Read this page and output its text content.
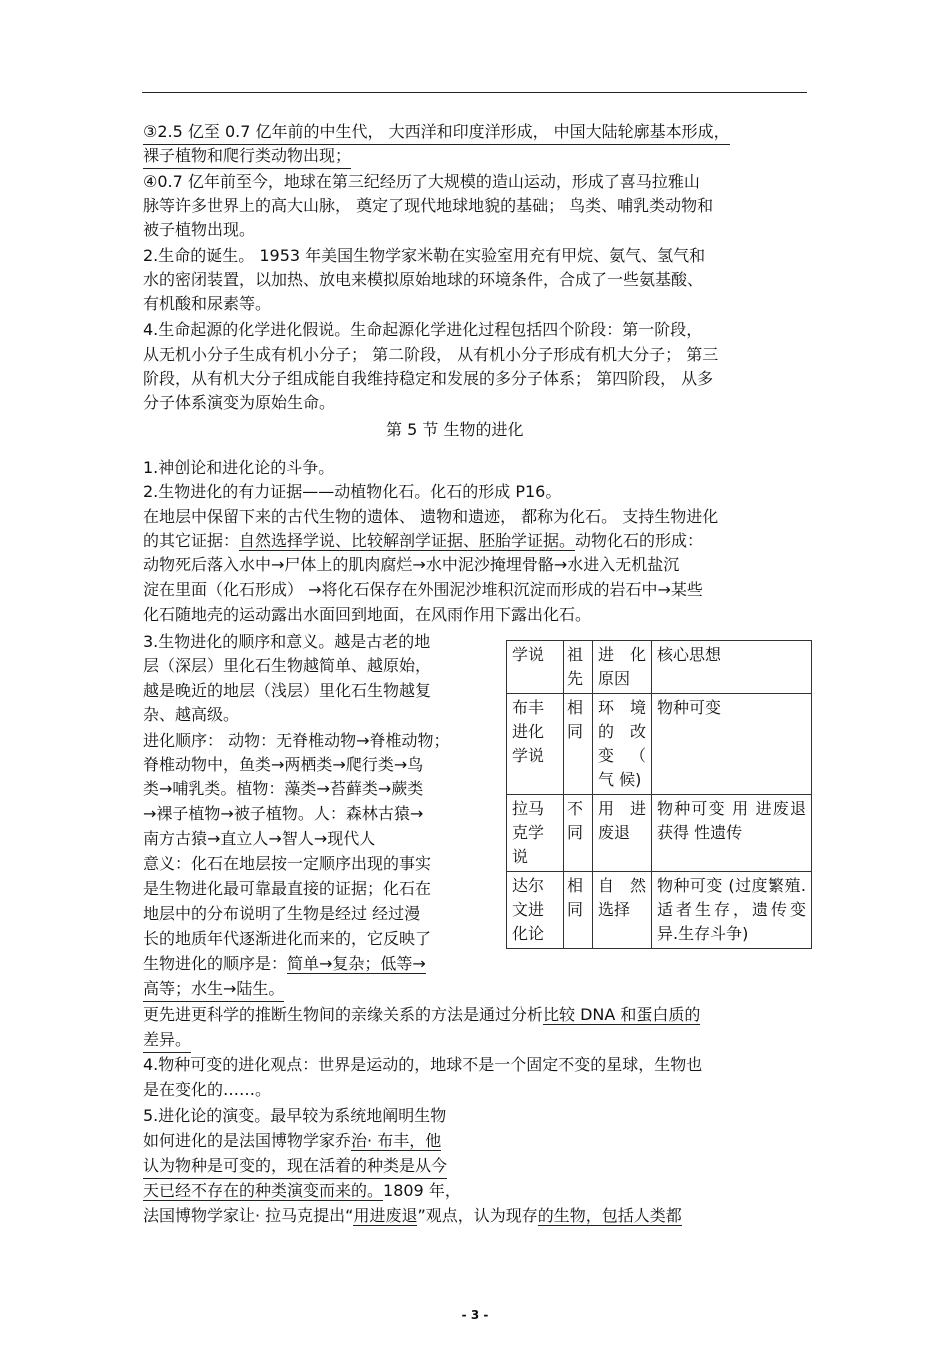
③2.5 亿至 0.7 亿年前的中生代， 大西洋和印度洋形成， 中国大陆轮廓基本形成，
裸子植物和爬行类动物出现；
④0.7 亿年前至今，地球在第三纪经历了大规模的造山运动，形成了喜马拉雅山
脉等许多世界上的高大山脉， 奠定了现代地球地貌的基础； 鸟类、哺乳类动物和
被子植物出现。
2.生命的诞生。 1953 年美国生物学家米勒在实验室用充有甲烷、氨气、氢气和
水的密闭装置，以加热、放电来模拟原始地球的环境条件，合成了一些氨基酸、
有机酸和尿素等。
4.生命起源的化学进化假说。生命起源化学进化过程包括四个阶段：第一阶段，
从无机小分子生成有机小分子； 第二阶段， 从有机小分子形成有机大分子； 第三
阶段，从有机大分子组成能自我维持稳定和发展的多分子体系； 第四阶段， 从多
分子体系演变为原始生命。
第 5 节 生物的进化
1.神创论和进化论的斗争。
2.生物进化的有力证据——动植物化石。化石的形成 P16。
在地层中保留下来的古代生物的遗体、 遗物和遗迹， 都称为化石。 支持生物进化
的其它证据：自然选择学说、比较解剖学证据、胚胎学证据。动物化石的形成：
动物死后落入水中→尸体上的肌肉腐烂→水中泥沙掩埋骨骼→水进入无机盐沉
淀在里面（化石形成） →将化石保存在外围泥沙堆积沉淀而形成的岩石中→某些
化石随地壳的运动露出水面回到地面，在风雨作用下露出化石。
3.生物进化的顺序和意义。越是古老的地
层（深层）里化石生物越简单、越原始，
越是晚近的地层（浅层）里化石生物越复
杂、越高级。
进化顺序： 动物：无脊椎动物→脊椎动物；
脊椎动物中，鱼类→两栖类→爬行类→鸟
类→哺乳类。植物：藻类→苔藓类→蕨类
→裸子植物→被子植物。人：森林古猿→
南方古猿→直立人→智人→现代人
意义：化石在地层按一定顺序出现的事实
是生物进化最可靠最直接的证据；化石在
地层中的分布说明了生物是经过 经过漫
长的地质年代逐渐进化而来的，它反映了
生物进化的顺序是：简单→复杂；低等→
高等；水生→陆生。
学说	祖先	进 化 原因	核心思想
布丰进化学说	相同	环 境 的 改 变 （ 气 候)	物种可变
拉马克学说	不同	用 进 废退	物种可变 用 进废退 获得 性遗传
达尔文进化论	相同	自 然 选择	物种可变 (过度繁殖.适者生存，遗传变异.生存斗争)
更先进更科学的推断生物间的亲缘关系的方法是通过分析比较 DNA 和蛋白质的
差异。
4.物种可变的进化观点：世界是运动的，地球不是一个固定不变的星球，生物也
是在变化的……。
5.进化论的演变。最早较为系统地阐明生物
如何进化的是法国博物学家乔治· 布丰，他
认为物种是可变的，现在活着的种类是从今
天已经不存在的种类演变而来的。1809 年，
法国博物学家让· 拉马克提出“用进废退”观点，认为现存的生物，包括人类都
- 3 -
